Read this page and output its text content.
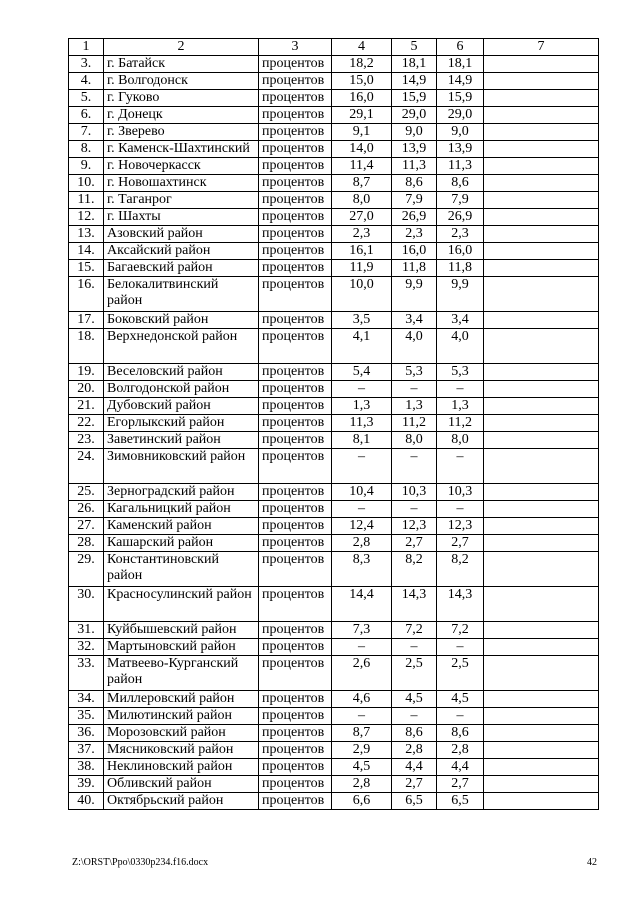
1	2	3	4	5	6	7
3.	г. Батайск	процентов	18,2	18,1	18,1	
4.	г. Волгодонск	процентов	15,0	14,9	14,9	
5.	г. Гуково	процентов	16,0	15,9	15,9	
6.	г. Донецк	процентов	29,1	29,0	29,0	
7.	г. Зверево	процентов	9,1	9,0	9,0	
8.	г. Каменск-Шахтинский	процентов	14,0	13,9	13,9	
9.	г. Новочеркасск	процентов	11,4	11,3	11,3	
10.	г. Новошахтинск	процентов	8,7	8,6	8,6	
11.	г. Таганрог	процентов	8,0	7,9	7,9	
12.	г. Шахты	процентов	27,0	26,9	26,9	
13.	Азовский район	процентов	2,3	2,3	2,3	
14.	Аксайский район	процентов	16,1	16,0	16,0	
15.	Багаевский район	процентов	11,9	11,8	11,8	
16.	Белокалитвинский район	процентов	10,0	9,9	9,9	
17.	Боковский район	процентов	3,5	3,4	3,4	
18.	Верхнедонской район	процентов	4,1	4,0	4,0	
19.	Веселовский район	процентов	5,4	5,3	5,3	
20.	Волгодонской район	процентов	–	–	–	
21.	Дубовский район	процентов	1,3	1,3	1,3	
22.	Егорлыкский район	процентов	11,3	11,2	11,2	
23.	Заветинский район	процентов	8,1	8,0	8,0	
24.	Зимовниковский район	процентов	–	–	–	
25.	Зерноградский район	процентов	10,4	10,3	10,3	
26.	Кагальницкий район	процентов	–	–	–	
27.	Каменский район	процентов	12,4	12,3	12,3	
28.	Кашарский район	процентов	2,8	2,7	2,7	
29.	Константиновский район	процентов	8,3	8,2	8,2	
30.	Красносулинский район	процентов	14,4	14,3	14,3	
31.	Куйбышевский район	процентов	7,3	7,2	7,2	
32.	Мартыновский район	процентов	–	–	–	
33.	Матвеево-Курганский район	процентов	2,6	2,5	2,5	
34.	Миллеровский район	процентов	4,6	4,5	4,5	
35.	Милютинский район	процентов	–	–	–	
36.	Морозовский район	процентов	8,7	8,6	8,6	
37.	Мясниковский район	процентов	2,9	2,8	2,8	
38.	Неклиновский район	процентов	4,5	4,4	4,4	
39.	Обливский район	процентов	2,8	2,7	2,7	
40.	Октябрьский район	процентов	6,6	6,5	6,5	
Z:\ORST\Ppo\0330p234.f16.docx	42
